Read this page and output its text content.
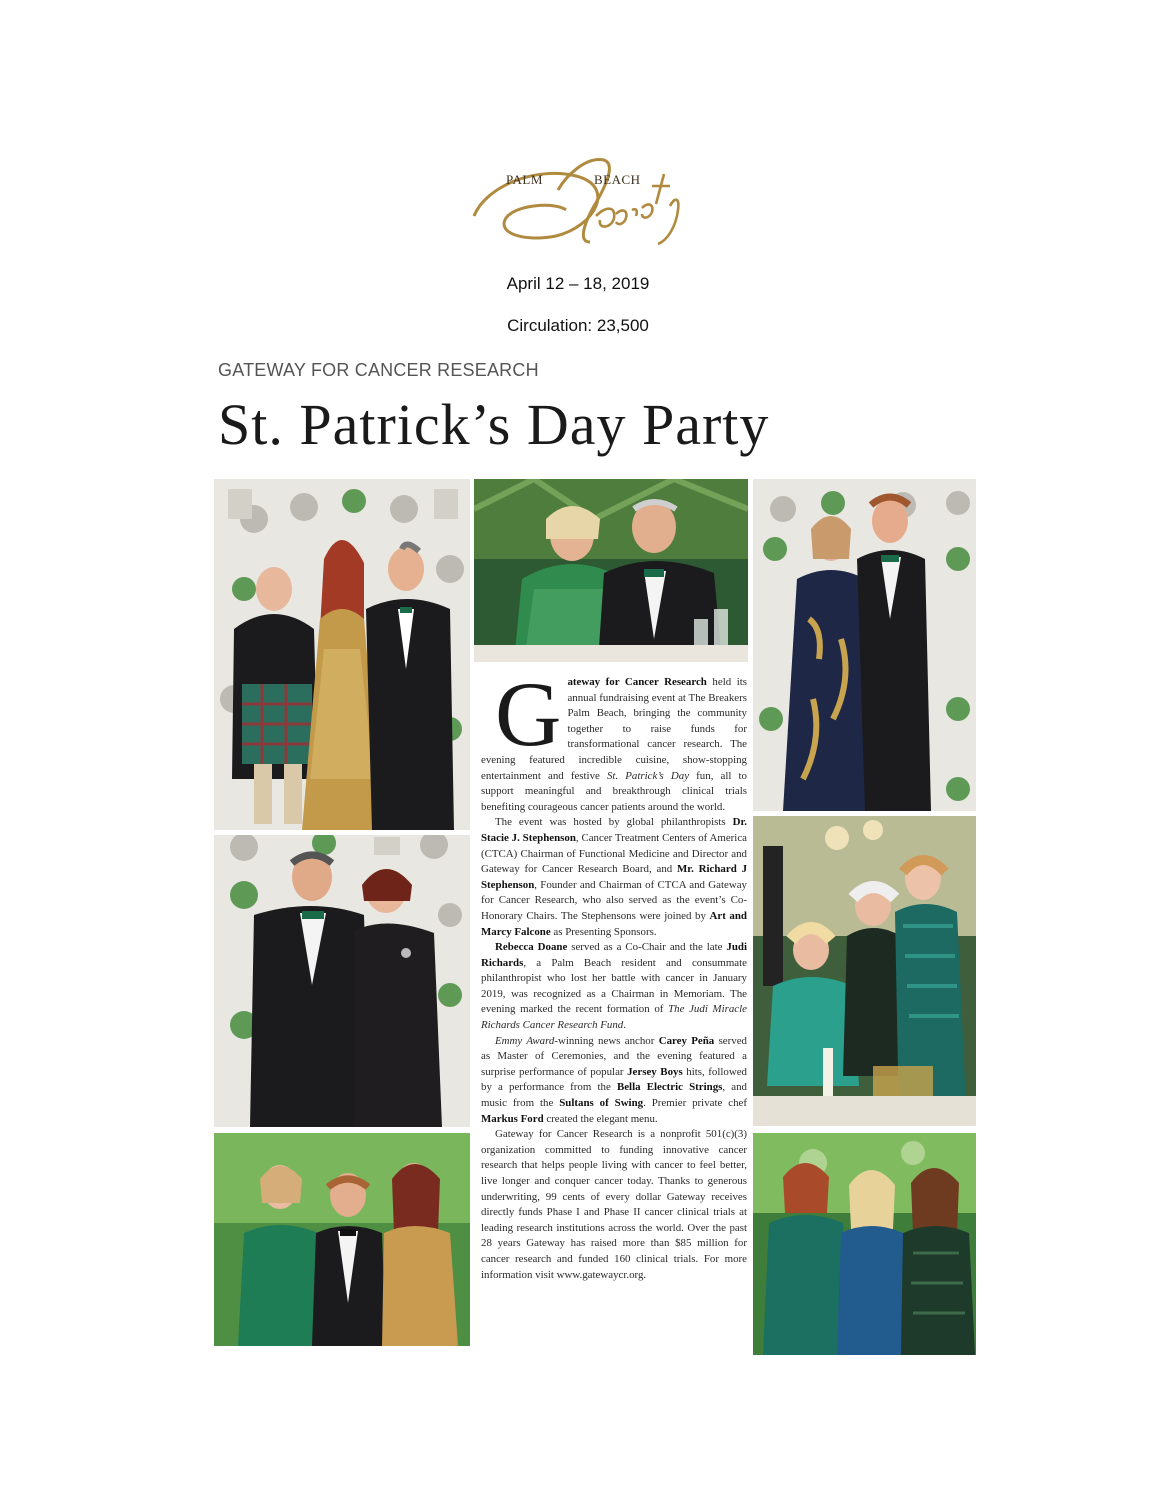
PALM	BEACH
April 12 – 18, 2019
Circulation: 23,500
GATEWAY FOR CANCER RESEARCH
St. Patrick’s Day Party

Gateway for Cancer Research held its annual fundraising event at The Breakers Palm Beach, bringing the community together to raise funds for transformational cancer research. The evening featured incredible cuisine, show-stopping entertainment and festive St. Patrick’s Day fun, all to support meaningful and breakthrough clinical trials benefiting courageous cancer patients around the world.

The event was hosted by global philanthropists Dr. Stacie J. Stephenson, Cancer Treatment Centers of America (CTCA) Chairman of Functional Medicine and Director and Gateway for Cancer Research Board, and Mr. Richard J Stephenson, Founder and Chairman of CTCA and Gateway for Cancer Research, who also served as the event’s Co-Honorary Chairs. The Stephensons were joined by Art and Marcy Falcone as Presenting Sponsors.

Rebecca Doane served as a Co-Chair and the late Judi Richards, a Palm Beach resident and consummate philanthropist who lost her battle with cancer in January 2019, was recognized as a Chairman in Memoriam. The evening marked the recent formation of The Judi Miracle Richards Cancer Research Fund.

Emmy Award-winning news anchor Carey Peña served as Master of Ceremonies, and the evening featured a surprise performance of popular Jersey Boys hits, followed by a performance from the Bella Electric Strings, and music from the Sultans of Swing. Premier private chef Markus Ford created the elegant menu.

Gateway for Cancer Research is a nonprofit 501(c)(3) organization committed to funding innovative cancer research that helps people living with cancer to feel better, live longer and conquer cancer today. Thanks to generous underwriting, 99 cents of every dollar Gateway receives directly funds Phase I and Phase II cancer clinical trials at leading research institutions across the world. Over the past 28 years Gateway has raised more than $85 million for cancer research and funded 160 clinical trials. For more information visit www.gatewaycr.org.
